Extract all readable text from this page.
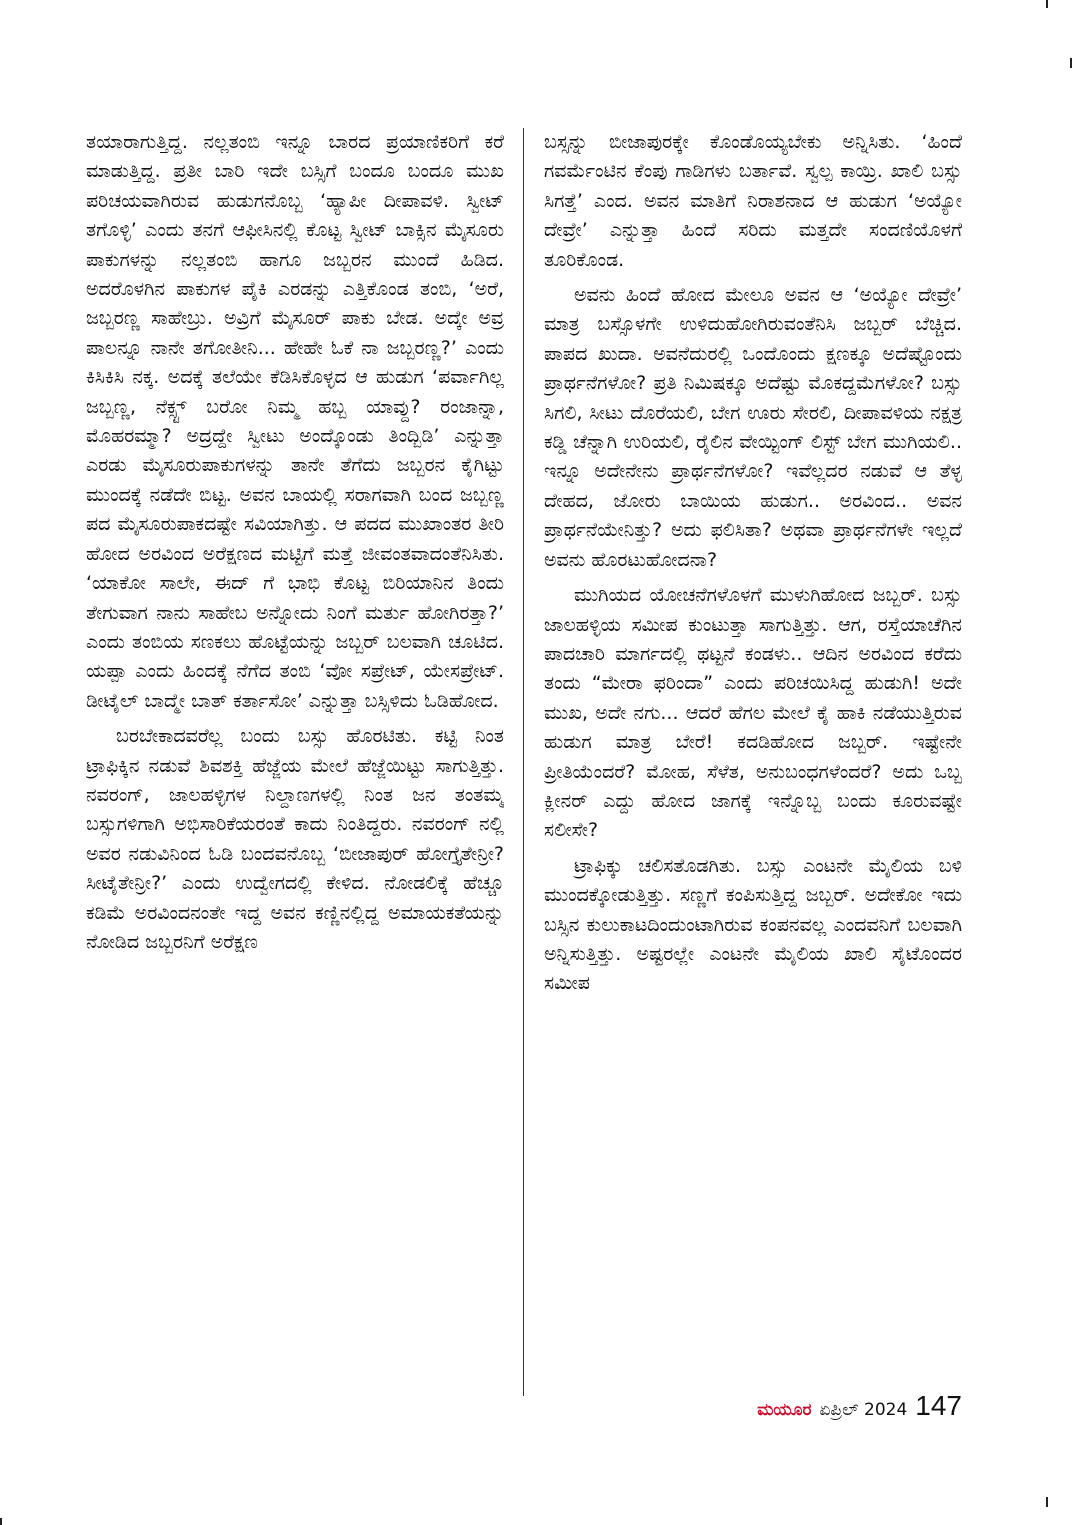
ತಯಾರಾಗುತ್ತಿದ್ದ. ನಲ್ಲತಂಬಿ ಇನ್ನೂ ಬಾರದ ಪ್ರಯಾಣಿಕರಿಗೆ ಕರೆ ಮಾಡುತ್ತಿದ್ದ. ಪ್ರತೀ ಬಾರಿ ಇದೇ ಬಸ್ಸಿಗೆ ಬಂದೂ ಬಂದೂ ಮುಖ ಪರಿಚಯವಾಗಿರುವ ಹುಡುಗನೊಬ್ಬ ‘ಹ್ಯಾಪೀ ದೀಪಾವಳಿ. ಸ್ವೀಟ್ ತಗೊಳ್ಳಿ’ ಎಂದು ತನಗೆ ಆಫೀಸಿನಲ್ಲಿ ಕೊಟ್ಟ ಸ್ವೀಟ್ ಬಾಕ್ಸಿನ ಮೈಸೂರು ಪಾಕುಗಳನ್ನು ನಲ್ಲತಂಬಿ ಹಾಗೂ ಜಬ್ಬರನ ಮುಂದೆ ಹಿಡಿದ. ಅದರೊಳಗಿನ ಪಾಕುಗಳ ಪೈಕಿ ಎರಡನ್ನು ಎತ್ತಿಕೊಂಡ ತಂಬಿ, ‘ಅರೆ, ಜಬ್ಬರಣ್ಣ ಸಾಹೇಬ್ರು. ಅವ್ರಿಗೆ ಮೈಸೂರ್ ಪಾಕು ಬೇಡ. ಅದ್ಕೇ ಅವ್ರ ಪಾಲನ್ನೂ ನಾನೇ ತಗೋತೀನಿ... ಹೇಹೇ ಓಕೆ ನಾ ಜಬ್ಬರಣ್ಣ?’ ಎಂದು ಕಿಸಿಕಿಸಿ ನಕ್ಕ. ಅದಕ್ಕೆ ತಲೆಯೇ ಕೆಡಿಸಿಕೊಳ್ಳದ ಆ ಹುಡುಗ ‘ಪರ್ವಾಗಿಲ್ಲ ಜಬ್ಬಣ್ಣ, ನೆಕ್ಸ್ಟ್ ಬರೋ ನಿಮ್ಮ ಹಬ್ಬ ಯಾವ್ದು? ರಂಜಾನ್ನಾ, ಮೊಹರಮ್ಮಾ? ಅದ್ರದ್ದೇ ಸ್ವೀಟು ಅಂದ್ಕೊಂಡು ತಿಂದ್ಬಿಡಿ’ ಎನ್ನುತ್ತಾ ಎರಡು ಮೈಸೂರುಪಾಕುಗಳನ್ನು ತಾನೇ ತೆಗೆದು ಜಬ್ಬರನ ಕೈಗಿಟ್ಟು ಮುಂದಕ್ಕೆ ನಡೆದೇ ಬಿಟ್ಟ. ಅವನ ಬಾಯಲ್ಲಿ ಸರಾಗವಾಗಿ ಬಂದ ಜಬ್ಬಣ್ಣ ಪದ ಮೈಸೂರುಪಾಕದಷ್ಟೇ ಸವಿಯಾಗಿತ್ತು. ಆ ಪದದ ಮುಖಾಂತರ ತೀರಿ ಹೋದ ಅರವಿಂದ ಅರೆಕ್ಷಣದ ಮಟ್ಟಿಗೆ ಮತ್ತೆ ಜೀವಂತವಾದಂತೆನಿಸಿತು. ‘ಯಾಕೋ ಸಾಲೇ, ಈದ್ ಗೆ ಭಾಭಿ ಕೊಟ್ಟ ಬಿರಿಯಾನಿನ ತಿಂದು ತೇಗುವಾಗ ನಾನು ಸಾಹೇಬ ಅನ್ನೋದು ನಿಂಗೆ ಮರ್ತು ಹೋಗಿರತ್ತಾ?’ ಎಂದು ತಂಬಿಯ ಸಣಕಲು ಹೊಟ್ಟೆಯನ್ನು ಜಬ್ಬರ್ ಬಲವಾಗಿ ಚೂಟಿದ. ಯಪ್ಪಾ ಎಂದು ಹಿಂದಕ್ಕೆ ನೆಗೆದ ತಂಬಿ ‘ವೋ ಸಪ್ರೇಟ್, ಯೇಸಪ್ರೇಟ್. ಡೀಟೈಲ್ ಬಾದ್ಮೇ ಬಾತ್ ಕರ್ತಾಸೋ’ ಎನ್ನುತ್ತಾ ಬಸ್ಸಿಳಿದು ಓಡಿಹೋದ.

ಬರಬೇಕಾದವರೆಲ್ಲ ಬಂದು ಬಸ್ಸು ಹೊರಟಿತು. ಕಟ್ಟಿ ನಿಂತ ಟ್ರಾಫಿಕ್ಕಿನ ನಡುವೆ ಶಿವಶಕ್ತಿ ಹೆಜ್ಜೆಯ ಮೇಲೆ ಹೆಜ್ಜೆಯಿಟ್ಟು ಸಾಗುತ್ತಿತ್ತು. ನವರಂಗ್, ಜಾಲಹಳ್ಳಿಗಳ ನಿಲ್ದಾಣಗಳಲ್ಲಿ ನಿಂತ ಜನ ತಂತಮ್ಮ ಬಸ್ಸುಗಳಿಗಾಗಿ ಅಭಿಸಾರಿಕೆಯರಂತೆ ಕಾದು ನಿಂತಿದ್ದರು. ನವರಂಗ್ ನಲ್ಲಿ ಅವರ ನಡುವಿನಿಂದ ಓಡಿ ಬಂದವನೊಬ್ಬ ‘ಬೀಜಾಪುರ್ ಹೋಗ್ತೈತೇನ್ರೀ? ಸೀಟೈತೇನ್ರೀ?’ ಎಂದು ಉದ್ವೇಗದಲ್ಲಿ ಕೇಳಿದ. ನೋಡಲಿಕ್ಕೆ ಹೆಚ್ಚೂ ಕಡಿಮೆ ಅರವಿಂದನಂತೇ ಇದ್ದ ಅವನ ಕಣ್ಣಿನಲ್ಲಿದ್ದ ಅಮಾಯಕತೆಯನ್ನು ನೋಡಿದ ಜಬ್ಬರನಿಗೆ ಅರೆಕ್ಷಣ

ಬಸ್ಸನ್ನು ಬೀಜಾಪುರಕ್ಕೇ ಕೊಂಡೊಯ್ಯಬೇಕು ಅನ್ನಿಸಿತು. ‘ಹಿಂದೆ ಗವರ್ಮೆಂಟಿನ ಕೆಂಪು ಗಾಡಿಗಳು ಬರ್ತಾವೆ. ಸ್ವಲ್ಪ ಕಾಯ್ರಿ. ಖಾಲಿ ಬಸ್ಸು ಸಿಗತ್ತೆ’ ಎಂದ. ಅವನ ಮಾತಿಗೆ ನಿರಾಶನಾದ ಆ ಹುಡುಗ ‘ಅಯ್ಯೋ ದೇವ್ರೇ’ ಎನ್ನುತ್ತಾ ಹಿಂದೆ ಸರಿದು ಮತ್ತದೇ ಸಂದಣಿಯೊಳಗೆ ತೂರಿಕೊಂಡ.

ಅವನು ಹಿಂದೆ ಹೋದ ಮೇಲೂ ಅವನ ಆ ‘ಅಯ್ಯೋ ದೇವ್ರೇ’ ಮಾತ್ರ ಬಸ್ಸೊಳಗೇ ಉಳಿದುಹೋಗಿರುವಂತೆನಿಸಿ ಜಬ್ಬರ್ ಬೆಚ್ಚಿದ. ಪಾಪದ ಖುದಾ. ಅವನೆದುರಲ್ಲಿ ಒಂದೊಂದು ಕ್ಷಣಕ್ಕೂ ಅದೆಷ್ಟೊಂದು ಪ್ರಾರ್ಥನೆಗಳೋ? ಪ್ರತಿ ನಿಮಿಷಕ್ಕೂ ಅದೆಷ್ಟು ಮೊಕದ್ದಮೆಗಳೋ? ಬಸ್ಸು ಸಿಗಲಿ, ಸೀಟು ದೊರೆಯಲಿ, ಬೇಗ ಊರು ಸೇರಲಿ, ದೀಪಾವಳಿಯ ನಕ್ಷತ್ರ ಕಡ್ಡಿ ಚೆನ್ನಾಗಿ ಉರಿಯಲಿ, ರೈಲಿನ ವೇಯ್ಟಿಂಗ್ ಲಿಸ್ಟ್ ಬೇಗ ಮುಗಿಯಲಿ.. ಇನ್ನೂ ಅದೇನೇನು ಪ್ರಾರ್ಥನೆಗಳೋ? ಇವೆಲ್ಲದರ ನಡುವೆ ಆ ತೆಳ್ಳ ದೇಹದ, ಜೋರು ಬಾಯಿಯ ಹುಡುಗ.. ಅರವಿಂದ.. ಅವನ ಪ್ರಾರ್ಥನೆಯೇನಿತ್ತು? ಅದು ಫಲಿಸಿತಾ? ಅಥವಾ ಪ್ರಾರ್ಥನೆಗಳೇ ಇಲ್ಲದೆ ಅವನು ಹೊರಟುಹೋದನಾ?

ಮುಗಿಯದ ಯೋಚನೆಗಳೊಳಗೆ ಮುಳುಗಿಹೋದ ಜಬ್ಬರ್. ಬಸ್ಸು ಜಾಲಹಳ್ಳಿಯ ಸಮೀಪ ಕುಂಟುತ್ತಾ ಸಾಗುತ್ತಿತ್ತು. ಆಗ, ರಸ್ತೆಯಾಚೆಗಿನ ಪಾದಚಾರಿ ಮಾರ್ಗದಲ್ಲಿ ಥಟ್ಟನೆ ಕಂಡಳು.. ಆದಿನ ಅರವಿಂದ ಕರೆದು ತಂದು “ಮೇರಾ ಫರಿಂದಾ” ಎಂದು ಪರಿಚಯಿಸಿದ್ದ ಹುಡುಗಿ! ಅದೇ ಮುಖ, ಅದೇ ನಗು... ಆದರೆ ಹೆಗಲ ಮೇಲೆ ಕೈ ಹಾಕಿ ನಡೆಯುತ್ತಿರುವ ಹುಡುಗ ಮಾತ್ರ ಬೇರೆ! ಕದಡಿಹೋದ ಜಬ್ಬರ್. ಇಷ್ಟೇನೇ ಪ್ರೀತಿಯೆಂದರೆ? ಮೋಹ, ಸೆಳೆತ, ಅನುಬಂಧಗಳೆಂದರೆ? ಅದು ಒಬ್ಬ ಕ್ಲೀನರ್ ಎದ್ದು ಹೋದ ಜಾಗಕ್ಕೆ ಇನ್ನೊಬ್ಬ ಬಂದು ಕೂರುವಷ್ಟೇ ಸಲೀಸೇ?

ಟ್ರಾಫಿಕ್ಕು ಚಲಿಸತೊಡಗಿತು. ಬಸ್ಸು ಎಂಟನೇ ಮೈಲಿಯ ಬಳಿ ಮುಂದಕ್ಕೋಡುತ್ತಿತ್ತು. ಸಣ್ಣಗೆ ಕಂಪಿಸುತ್ತಿದ್ದ ಜಬ್ಬರ್. ಅದೇಕೋ ಇದು ಬಸ್ಸಿನ ಕುಲುಕಾಟದಿಂದುಂಟಾಗಿರುವ ಕಂಪನವಲ್ಲ ಎಂದವನಿಗೆ ಬಲವಾಗಿ ಅನ್ನಿಸುತ್ತಿತ್ತು. ಅಷ್ಟರಲ್ಲೇ ಎಂಟನೇ ಮೈಲಿಯ ಖಾಲಿ ಸೈಟೊಂದರ ಸಮೀಪ

ಮಯೂರ ಏಪ್ರಿಲ್ 2024 147
